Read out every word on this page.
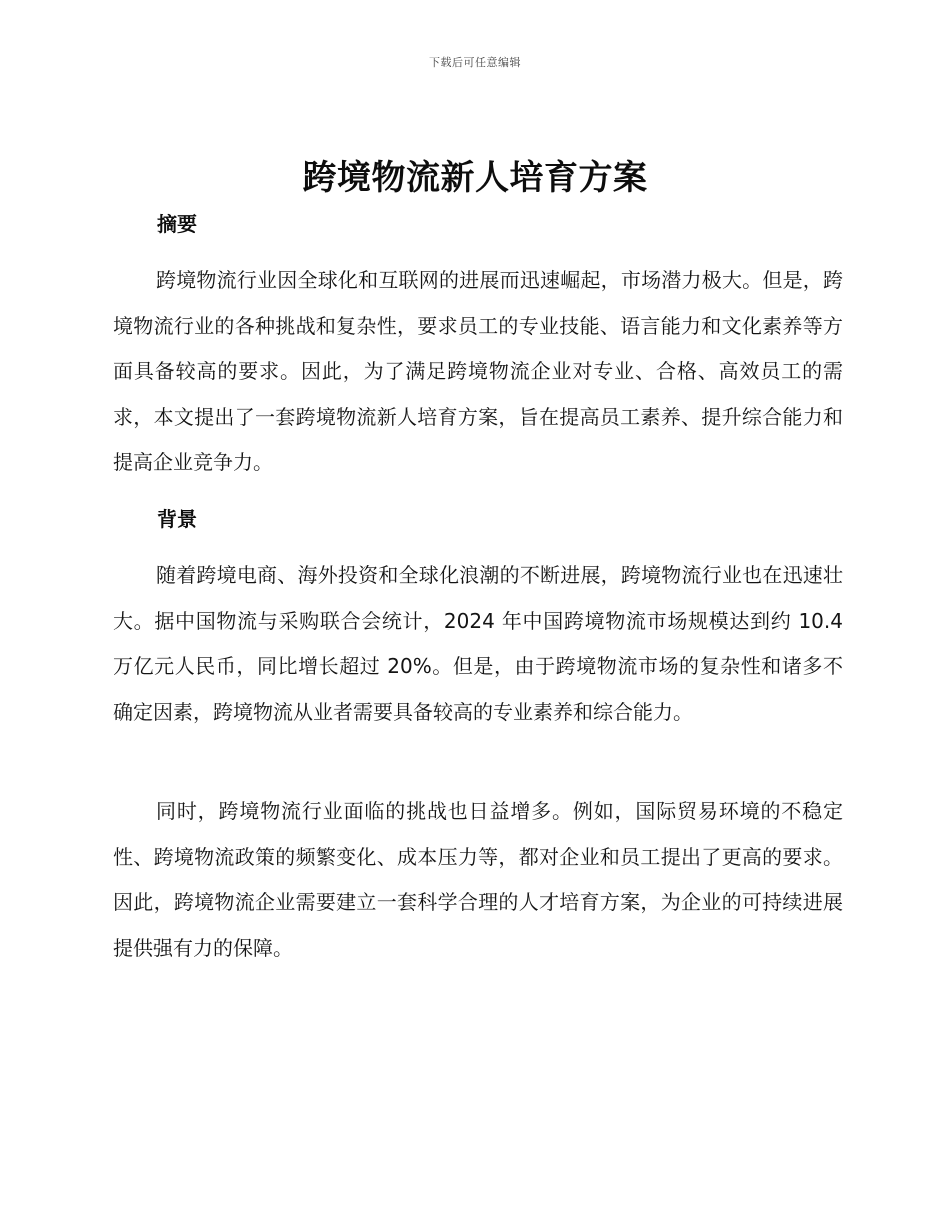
下载后可任意编辑
跨境物流新人培育方案
摘要

跨境物流行业因全球化和互联网的进展而迅速崛起，市场潜力极大。但是，跨境物流行业的各种挑战和复杂性，要求员工的专业技能、语言能力和文化素养等方面具备较高的要求。因此，为了满足跨境物流企业对专业、合格、高效员工的需求，本文提出了一套跨境物流新人培育方案，旨在提高员工素养、提升综合能力和提高企业竞争力。

背景

随着跨境电商、海外投资和全球化浪潮的不断进展，跨境物流行业也在迅速壮大。据中国物流与采购联合会统计，2024 年中国跨境物流市场规模达到约 10.4 万亿元人民币，同比增长超过 20%。但是，由于跨境物流市场的复杂性和诸多不确定因素，跨境物流从业者需要具备较高的专业素养和综合能力。

同时，跨境物流行业面临的挑战也日益增多。例如，国际贸易环境的不稳定性、跨境物流政策的频繁变化、成本压力等，都对企业和员工提出了更高的要求。因此，跨境物流企业需要建立一套科学合理的人才培育方案，为企业的可持续进展提供强有力的保障。
